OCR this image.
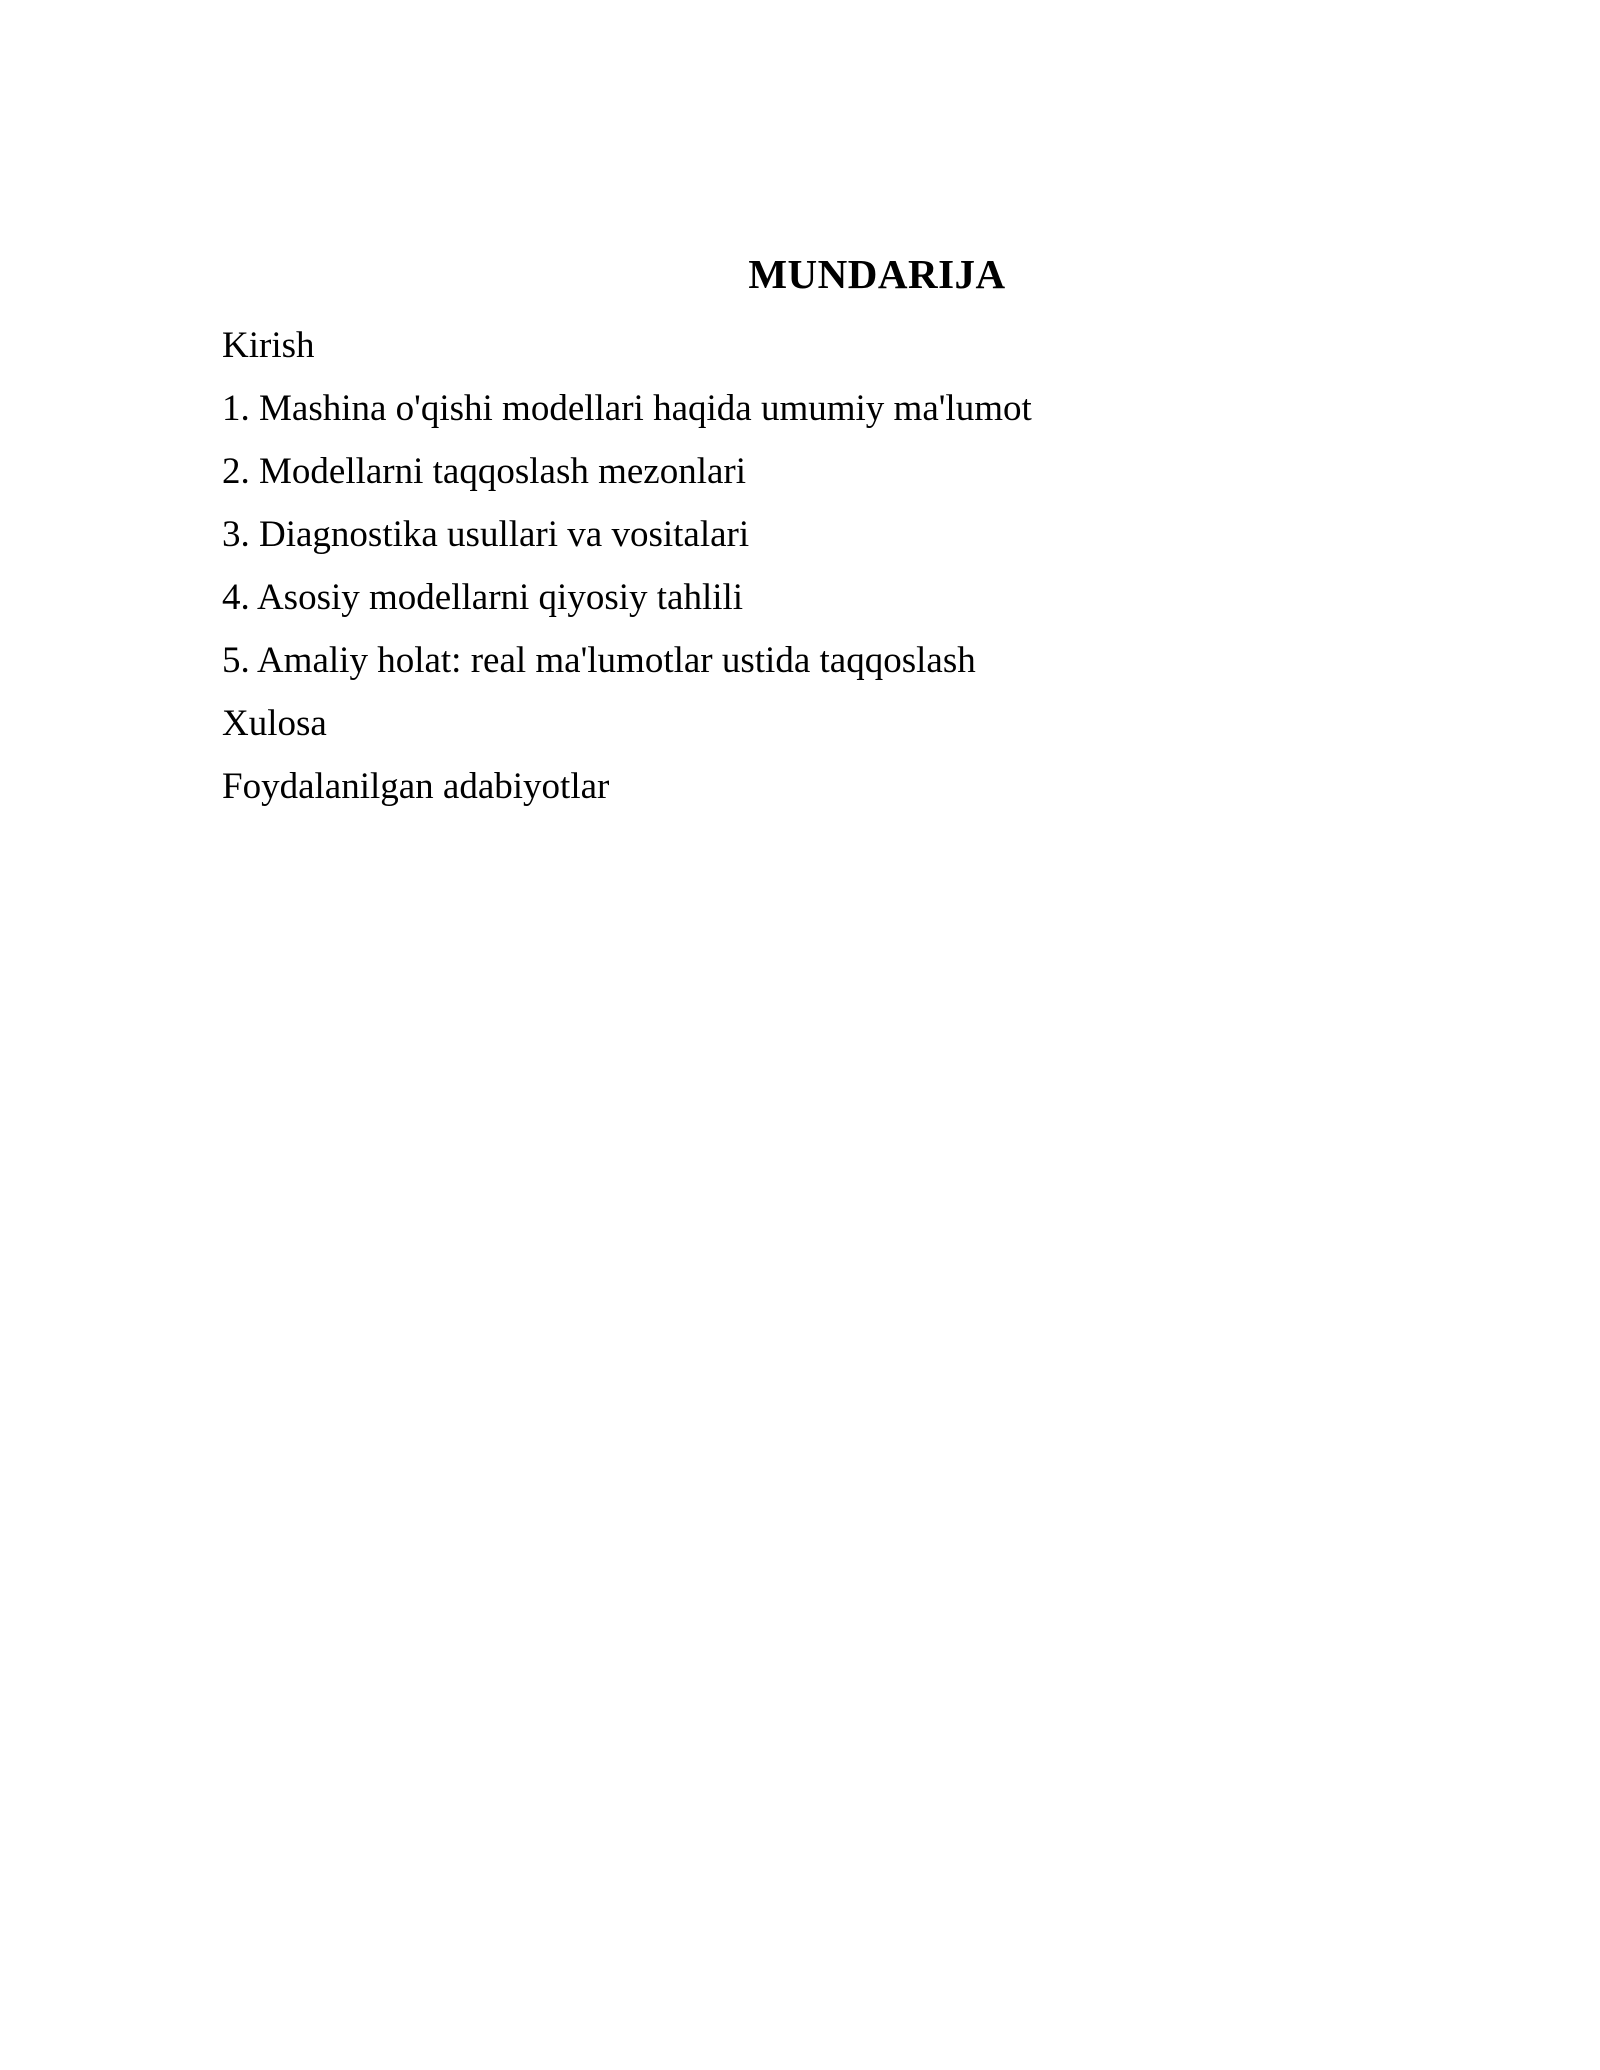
MUNDARIJA
Kirish
1. Mashina o'qishi modellari haqida umumiy ma'lumot
2. Modellarni taqqoslash mezonlari
3. Diagnostika usullari va vositalari
4. Asosiy modellarni qiyosiy tahlili
5. Amaliy holat: real ma'lumotlar ustida taqqoslash
Xulosa
Foydalanilgan adabiyotlar
